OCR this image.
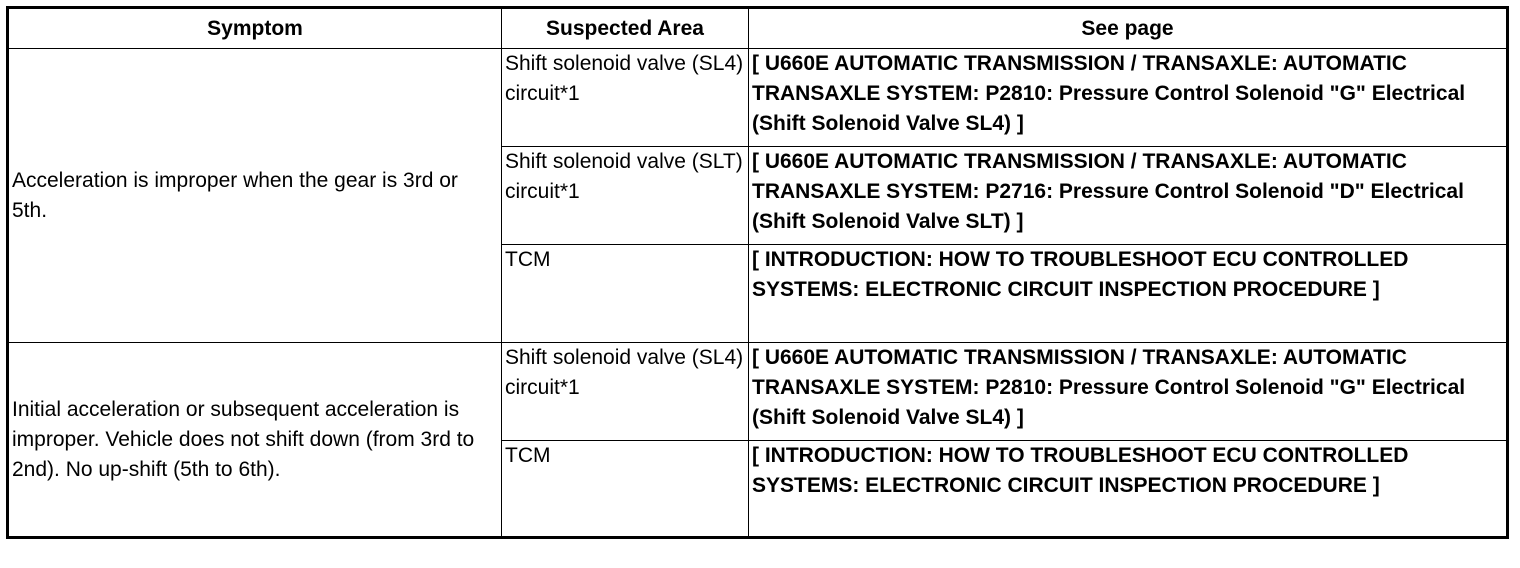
Symptom	Suspected Area	See page
Acceleration is improper when the gear is 3rd or 5th.	Shift solenoid valve (SL4) circuit*1	[ U660E AUTOMATIC TRANSMISSION / TRANSAXLE: AUTOMATIC TRANSAXLE SYSTEM: P2810: Pressure Control Solenoid "G" Electrical (Shift Solenoid Valve SL4) ]
	Shift solenoid valve (SLT) circuit*1	[ U660E AUTOMATIC TRANSMISSION / TRANSAXLE: AUTOMATIC TRANSAXLE SYSTEM: P2716: Pressure Control Solenoid "D" Electrical (Shift Solenoid Valve SLT) ]
	TCM	[ INTRODUCTION: HOW TO TROUBLESHOOT ECU CONTROLLED SYSTEMS: ELECTRONIC CIRCUIT INSPECTION PROCEDURE ]
Initial acceleration or subsequent acceleration is improper. Vehicle does not shift down (from 3rd to 2nd). No up-shift (5th to 6th).	Shift solenoid valve (SL4) circuit*1	[ U660E AUTOMATIC TRANSMISSION / TRANSAXLE: AUTOMATIC TRANSAXLE SYSTEM: P2810: Pressure Control Solenoid "G" Electrical (Shift Solenoid Valve SL4) ]
	TCM	[ INTRODUCTION: HOW TO TROUBLESHOOT ECU CONTROLLED SYSTEMS: ELECTRONIC CIRCUIT INSPECTION PROCEDURE ]
